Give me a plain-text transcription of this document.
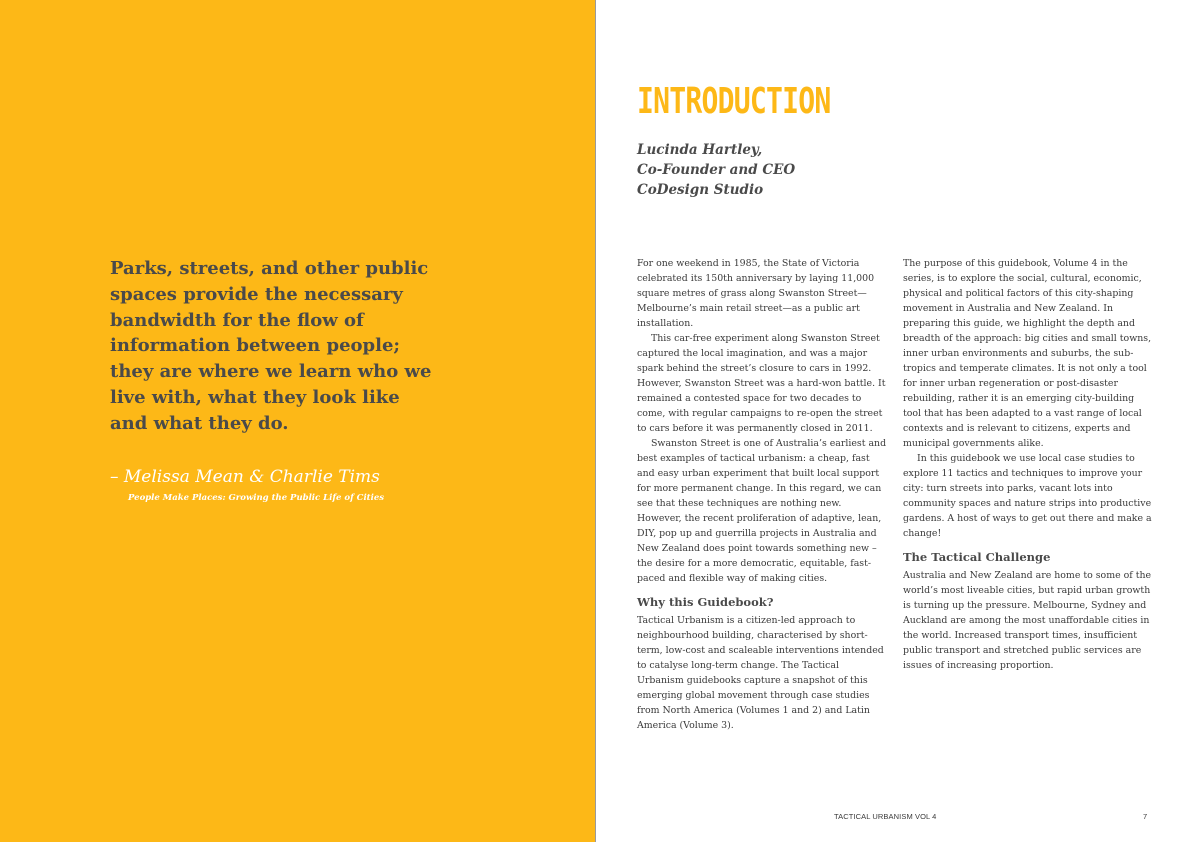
Parks, streets, and other public spaces provide the necessary bandwidth for the flow of information between people; they are where we learn who we live with, what they look like and what they do.

– Melissa Mean & Charlie Tims

People Make Places: Growing the Public Life of Cities

INTRODUCTION
Lucinda Hartley,
Co-Founder and CEO
CoDesign Studio

For one weekend in 1985, the State of Victoria celebrated its 150th anniversary by laying 11,000 square metres of grass along Swanston Street—Melbourne’s main retail street—as a public art installation.

This car-free experiment along Swanston Street captured the local imagination, and was a major spark behind the street’s closure to cars in 1992. However, Swanston Street was a hard-won battle. It remained a contested space for two decades to come, with regular campaigns to re-open the street to cars before it was permanently closed in 2011.

Swanston Street is one of Australia’s earliest and best examples of tactical urbanism: a cheap, fast and easy urban experiment that built local support for more permanent change. In this regard, we can see that these techniques are nothing new. However, the recent proliferation of adaptive, lean, DIY, pop up and guerrilla projects in Australia and New Zealand does point towards something new – the desire for a more democratic, equitable, fast-paced and flexible way of making cities.

Why this Guidebook?

Tactical Urbanism is a citizen-led approach to neighbourhood building, characterised by short-term, low-cost and scaleable interventions intended to catalyse long-term change. The Tactical Urbanism guidebooks capture a snapshot of this emerging global movement through case studies from North America (Volumes 1 and 2) and Latin America (Volume 3).

The purpose of this guidebook, Volume 4 in the series, is to explore the social, cultural, economic, physical and political factors of this city-shaping movement in Australia and New Zealand. In preparing this guide, we highlight the depth and breadth of the approach: big cities and small towns, inner urban environments and suburbs, the sub-tropics and temperate climates. It is not only a tool for inner urban regeneration or post-disaster rebuilding, rather it is an emerging city-building tool that has been adapted to a vast range of local contexts and is relevant to citizens, experts and municipal governments alike.

In this guidebook we use local case studies to explore 11 tactics and techniques to improve your city: turn streets into parks, vacant lots into community spaces and nature strips into productive gardens. A host of ways to get out there and make a change!

The Tactical Challenge

Australia and New Zealand are home to some of the world’s most liveable cities, but rapid urban growth is turning up the pressure. Melbourne, Sydney and Auckland are among the most unaffordable cities in the world. Increased transport times, insufficient public transport and stretched public services are issues of increasing proportion.

TACTICAL URBANISM VOL 4	7
